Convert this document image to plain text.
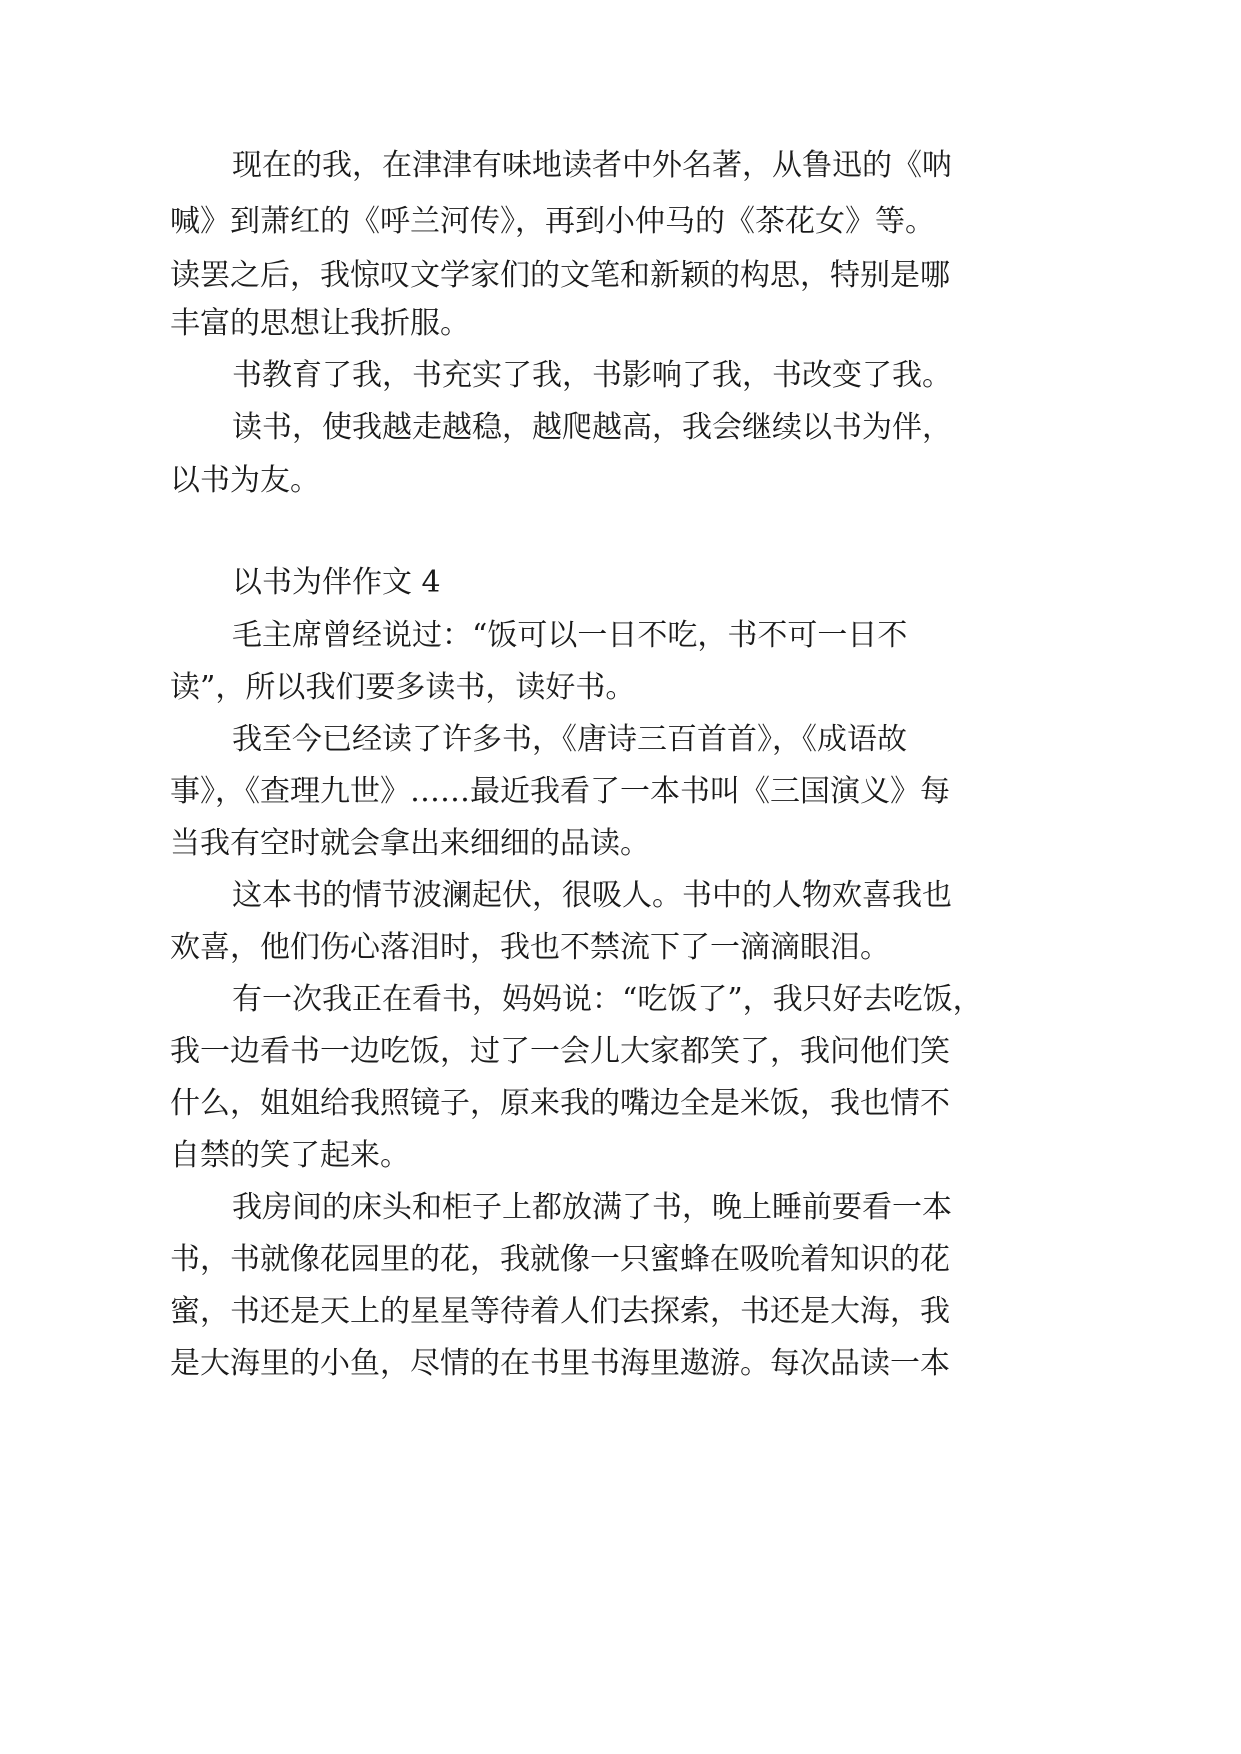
现在的我，在津津有味地读者中外名著，从鲁迅的《呐
喊》到萧红的《呼兰河传》，再到小仲马的《茶花女》等。
读罢之后，我惊叹文学家们的文笔和新颖的构思，特别是哪
丰富的思想让我折服。
书教育了我，书充实了我，书影响了我，书改变了我。
读书，使我越走越稳，越爬越高，我会继续以书为伴，
以书为友。
以书为伴作文 4
毛主席曾经说过：“饭可以一日不吃，书不可一日不
读”，所以我们要多读书，读好书。
我至今已经读了许多书，《唐诗三百首首》，《成语故
事》，《查理九世》……最近我看了一本书叫《三国演义》每
当我有空时就会拿出来细细的品读。
这本书的情节波澜起伏，很吸人。书中的人物欢喜我也
欢喜，他们伤心落泪时，我也不禁流下了一滴滴眼泪。
有一次我正在看书，妈妈说：“吃饭了”，我只好去吃饭，
我一边看书一边吃饭，过了一会儿大家都笑了，我问他们笑
什么，姐姐给我照镜子，原来我的嘴边全是米饭，我也情不
自禁的笑了起来。
我房间的床头和柜子上都放满了书，晚上睡前要看一本
书，书就像花园里的花，我就像一只蜜蜂在吸吮着知识的花
蜜，书还是天上的星星等待着人们去探索，书还是大海，我
是大海里的小鱼，尽情的在书里书海里遨游。每次品读一本
